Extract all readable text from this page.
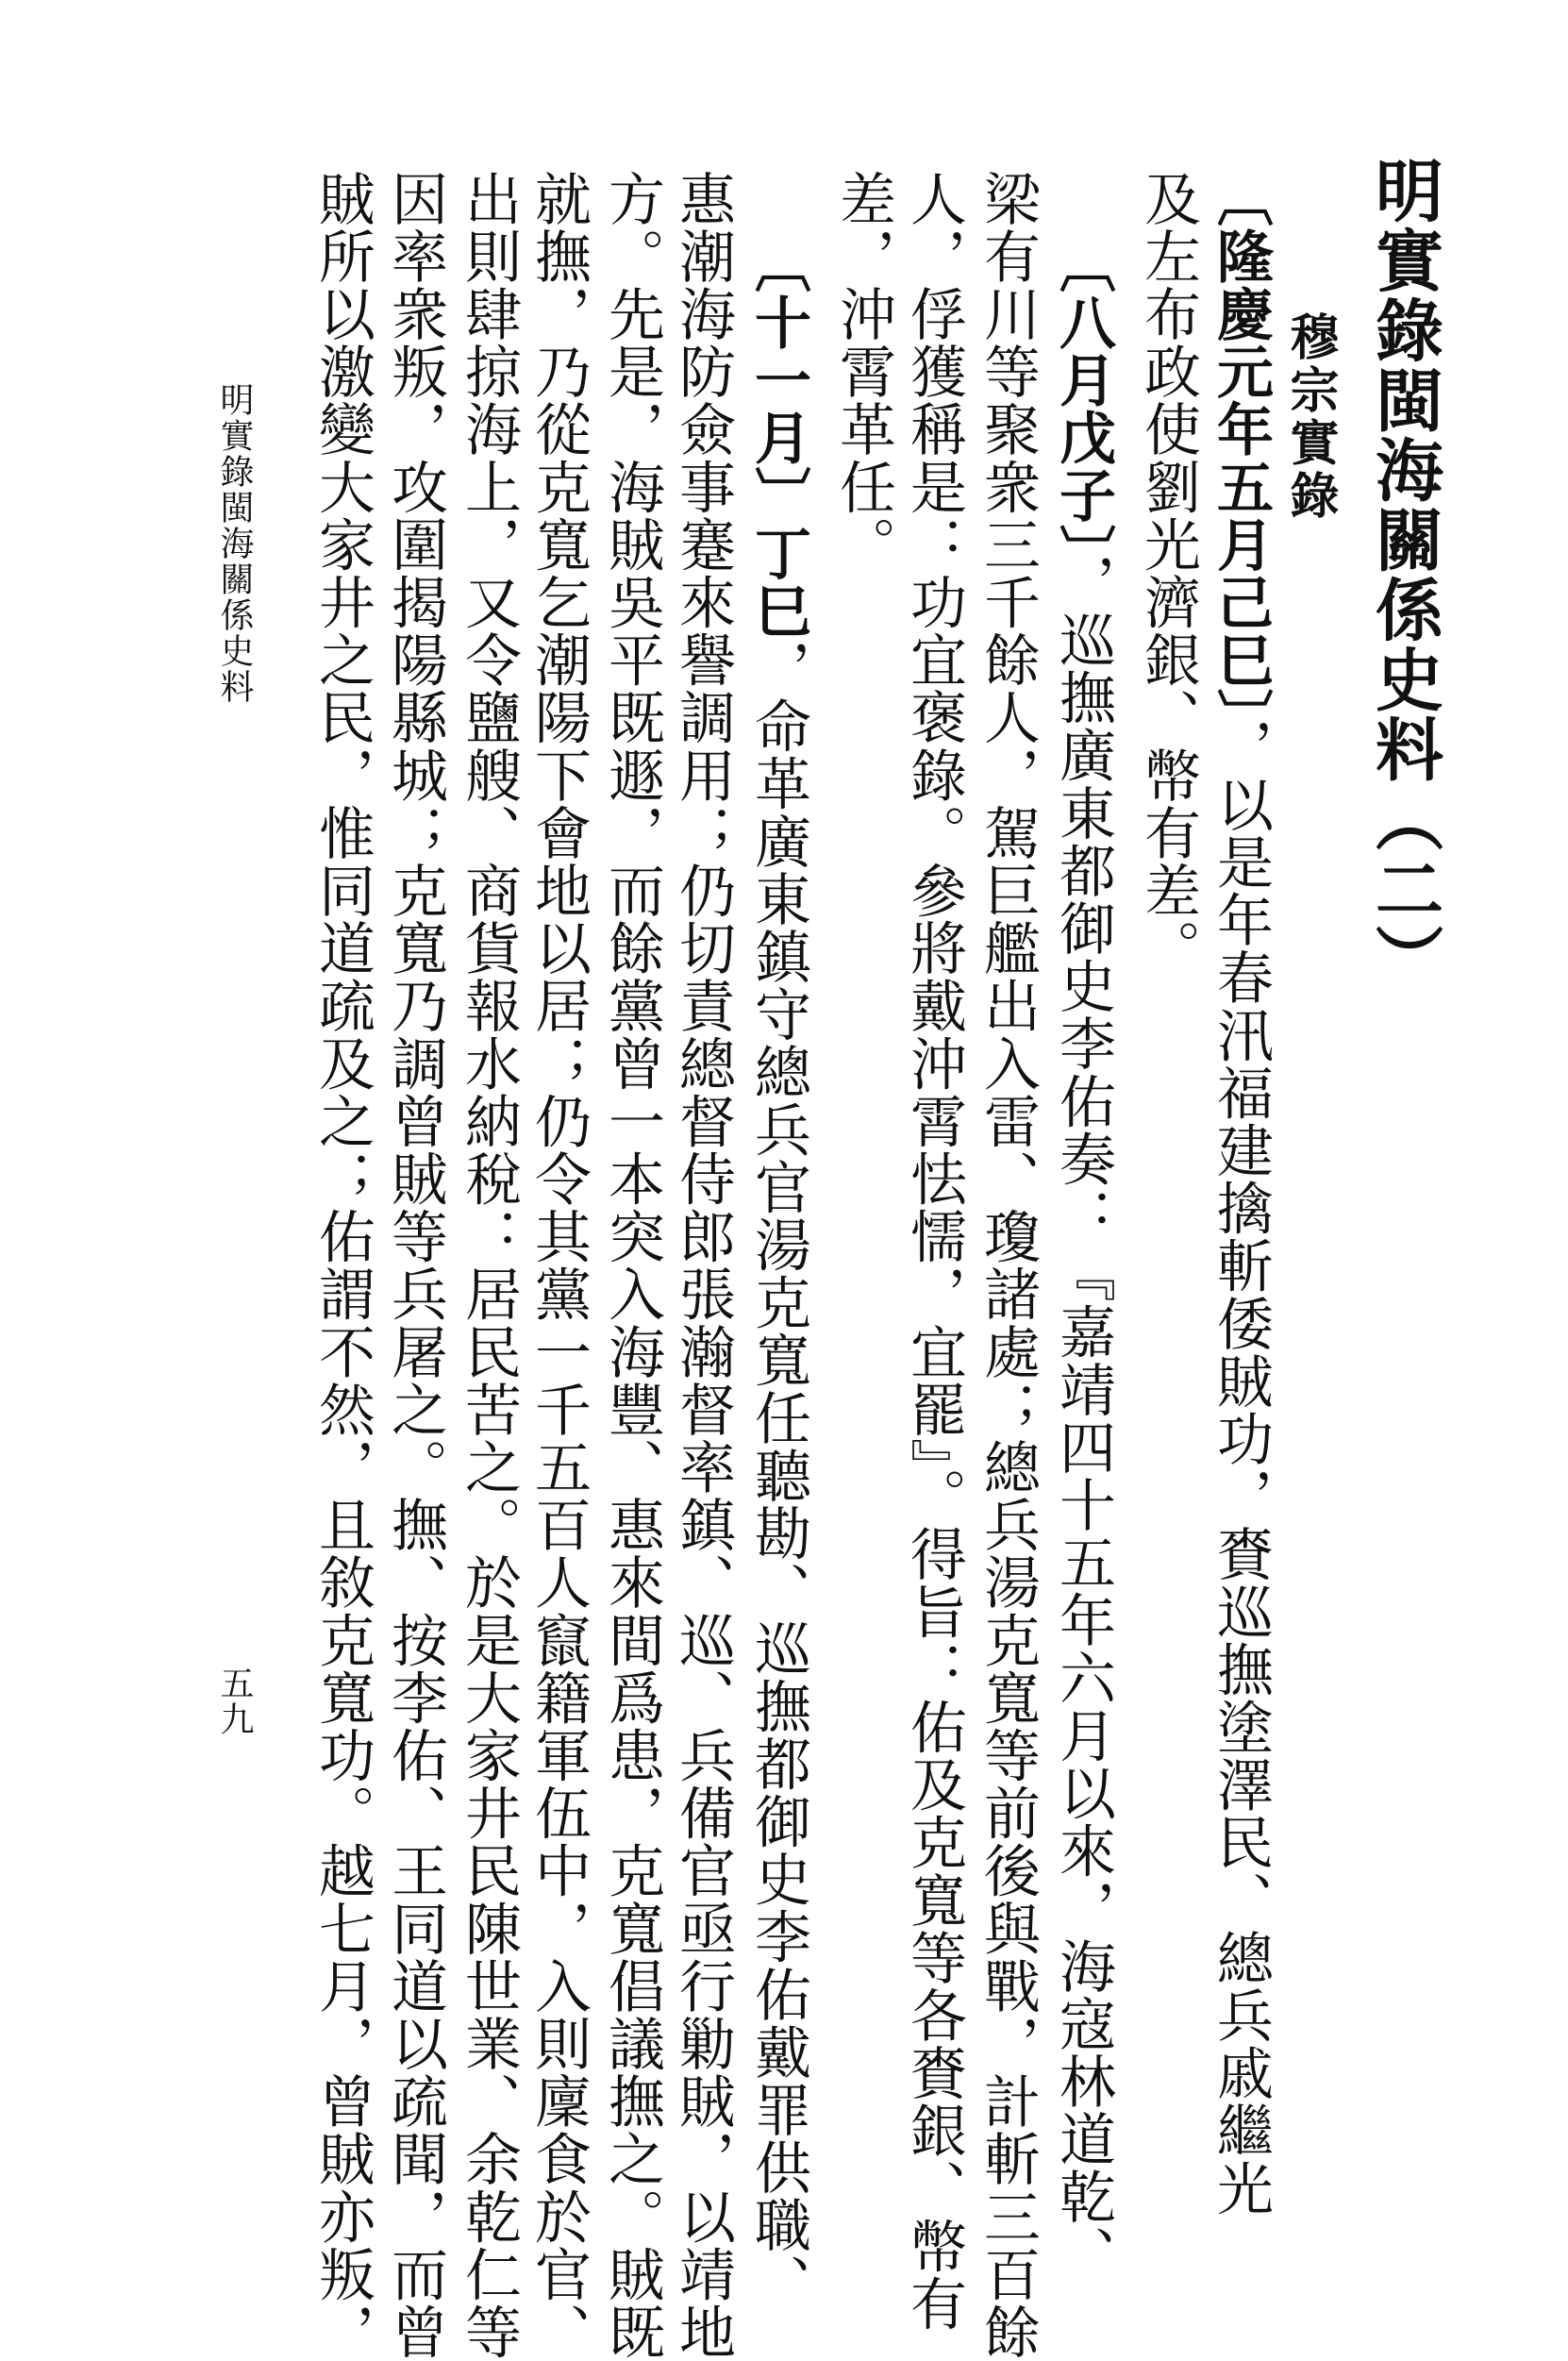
明實錄閩海關係史料（二）
穆宗實錄
〔隆慶元年五月己巳〕，以是年春汛福建擒斬倭賊功，賚巡撫塗澤民、總兵戚繼光
及左布政使劉光濟銀、幣有差。
〔八月戊子〕，巡撫廣東都御史李佑奏：『嘉靖四十五年六月以來，海寇林道乾、
梁有川等聚衆三千餘人，駕巨艦出入雷、瓊諸處；總兵湯克寬等前後與戰，計斬三百餘
人，俘獲稱是：功宜褒錄。參將戴沖霄怯懦，宜罷』。得旨：佑及克寬等各賚銀、幣有
差，沖霄革任。
〔十一月〕丁巳，命革廣東鎮守總兵官湯克寬任聽勘、巡撫都御史李佑戴罪供職、
惠潮海防僉事蹇來譽調用；仍切責總督侍郎張瀚督率鎮、巡、兵備官亟行勦賊，以靖地
方。先是，海賊吳平既遯，而餘黨曾一本突入海豐、惠來間爲患，克寬倡議撫之。賊既
就撫，乃從克寬乞潮陽下會地以居；仍令其黨一千五百人竄籍軍伍中，入則廩食於官、
出則肆掠海上，又令鹽艘、商貨報水納稅：居民苦之。於是大家井民陳世業、余乾仁等
因率衆叛，攻圍揭陽縣城；克寬乃調曾賊等兵屠之。撫、按李佑、王同道以疏聞，而曾
賊所以激變大家井之民，惟同道疏及之；佑謂不然，且敘克寬功。越七月，曾賊亦叛，
明實錄閩海關係史料
五九
